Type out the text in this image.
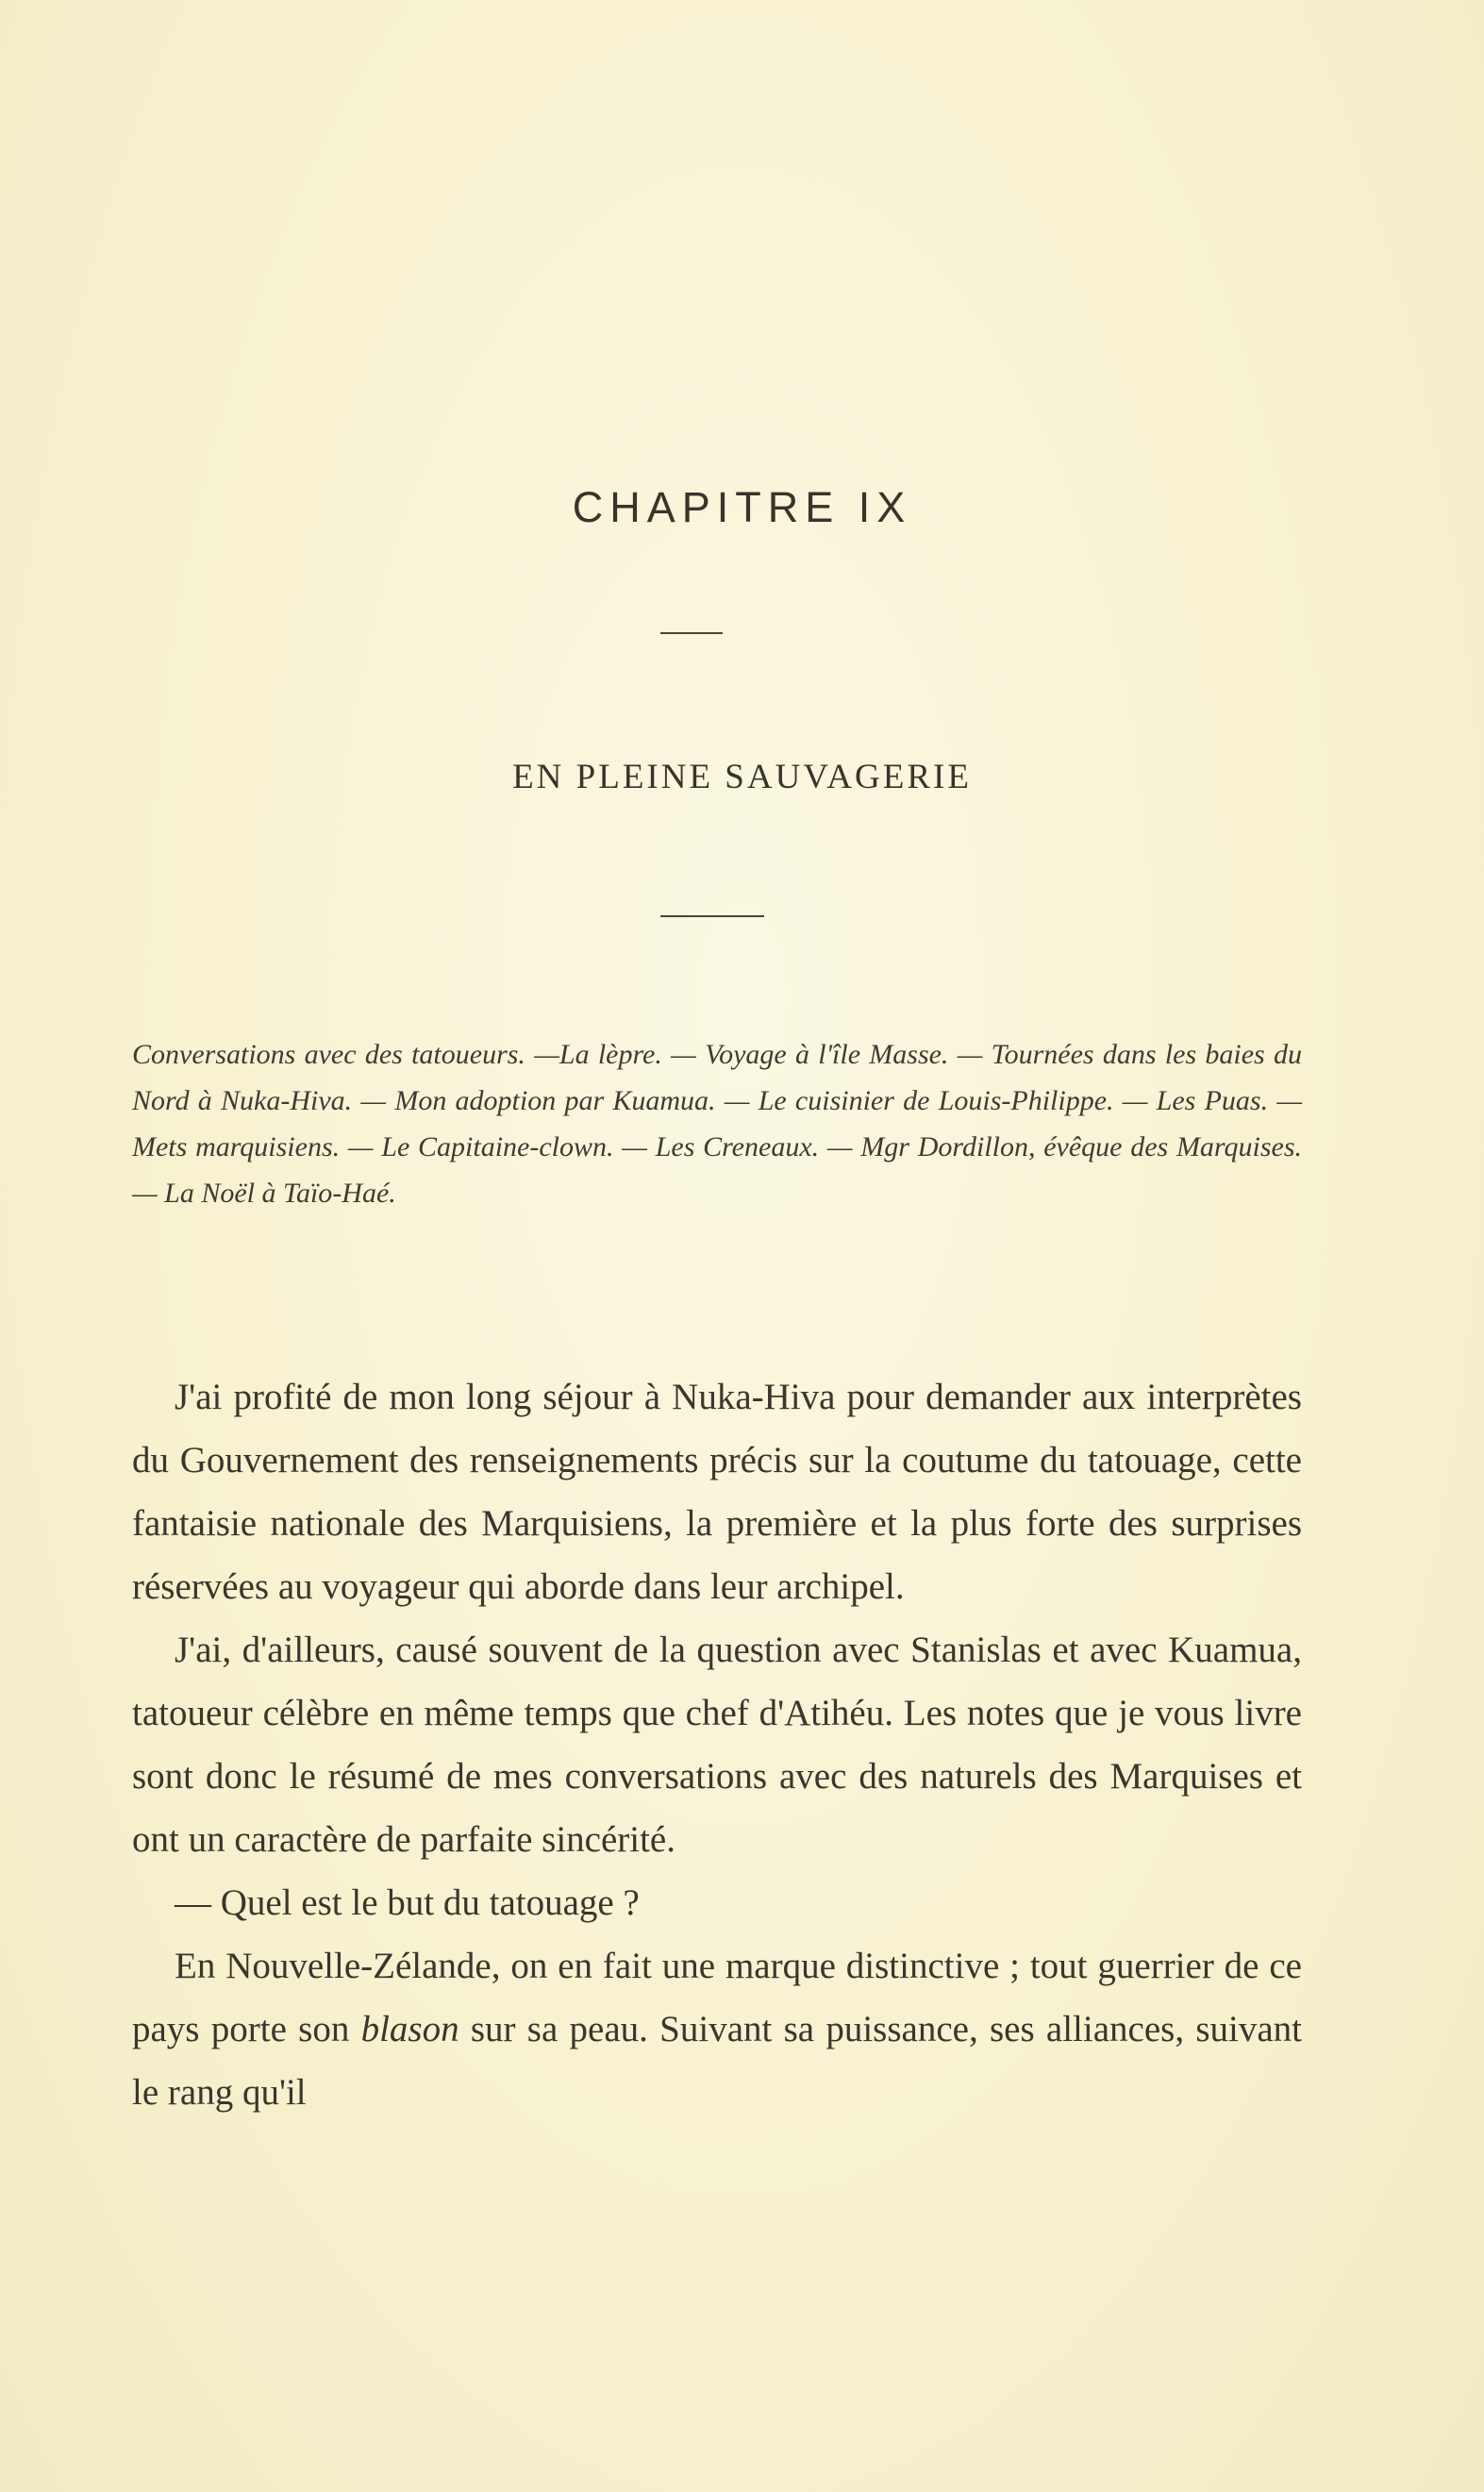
CHAPITRE IX
EN PLEINE SAUVAGERIE
Conversations avec des tatoueurs. —La lèpre. — Voyage à l'île Masse. — Tournées dans les baies du Nord à Nuka-Hiva. — Mon adoption par Kuamua. — Le cuisinier de Louis-Philippe. — Les Puas. — Mets marquisiens. — Le Capitaine-clown. — Les Creneaux. — Mgr Dordillon, évêque des Marquises. — La Noël à Taïo-Haé.

J'ai profité de mon long séjour à Nuka-Hiva pour demander aux interprètes du Gouvernement des renseignements précis sur la coutume du tatouage, cette fantaisie nationale des Marquisiens, la première et la plus forte des surprises réservées au voyageur qui aborde dans leur archipel.

J'ai, d'ailleurs, causé souvent de la question avec Stanislas et avec Kuamua, tatoueur célèbre en même temps que chef d'Atihéu. Les notes que je vous livre sont donc le résumé de mes conversations avec des naturels des Marquises et ont un caractère de parfaite sincérité.

— Quel est le but du tatouage ?

En Nouvelle-Zélande, on en fait une marque distinctive ; tout guerrier de ce pays porte son blason sur sa peau. Suivant sa puissance, ses alliances, suivant le rang qu'il
